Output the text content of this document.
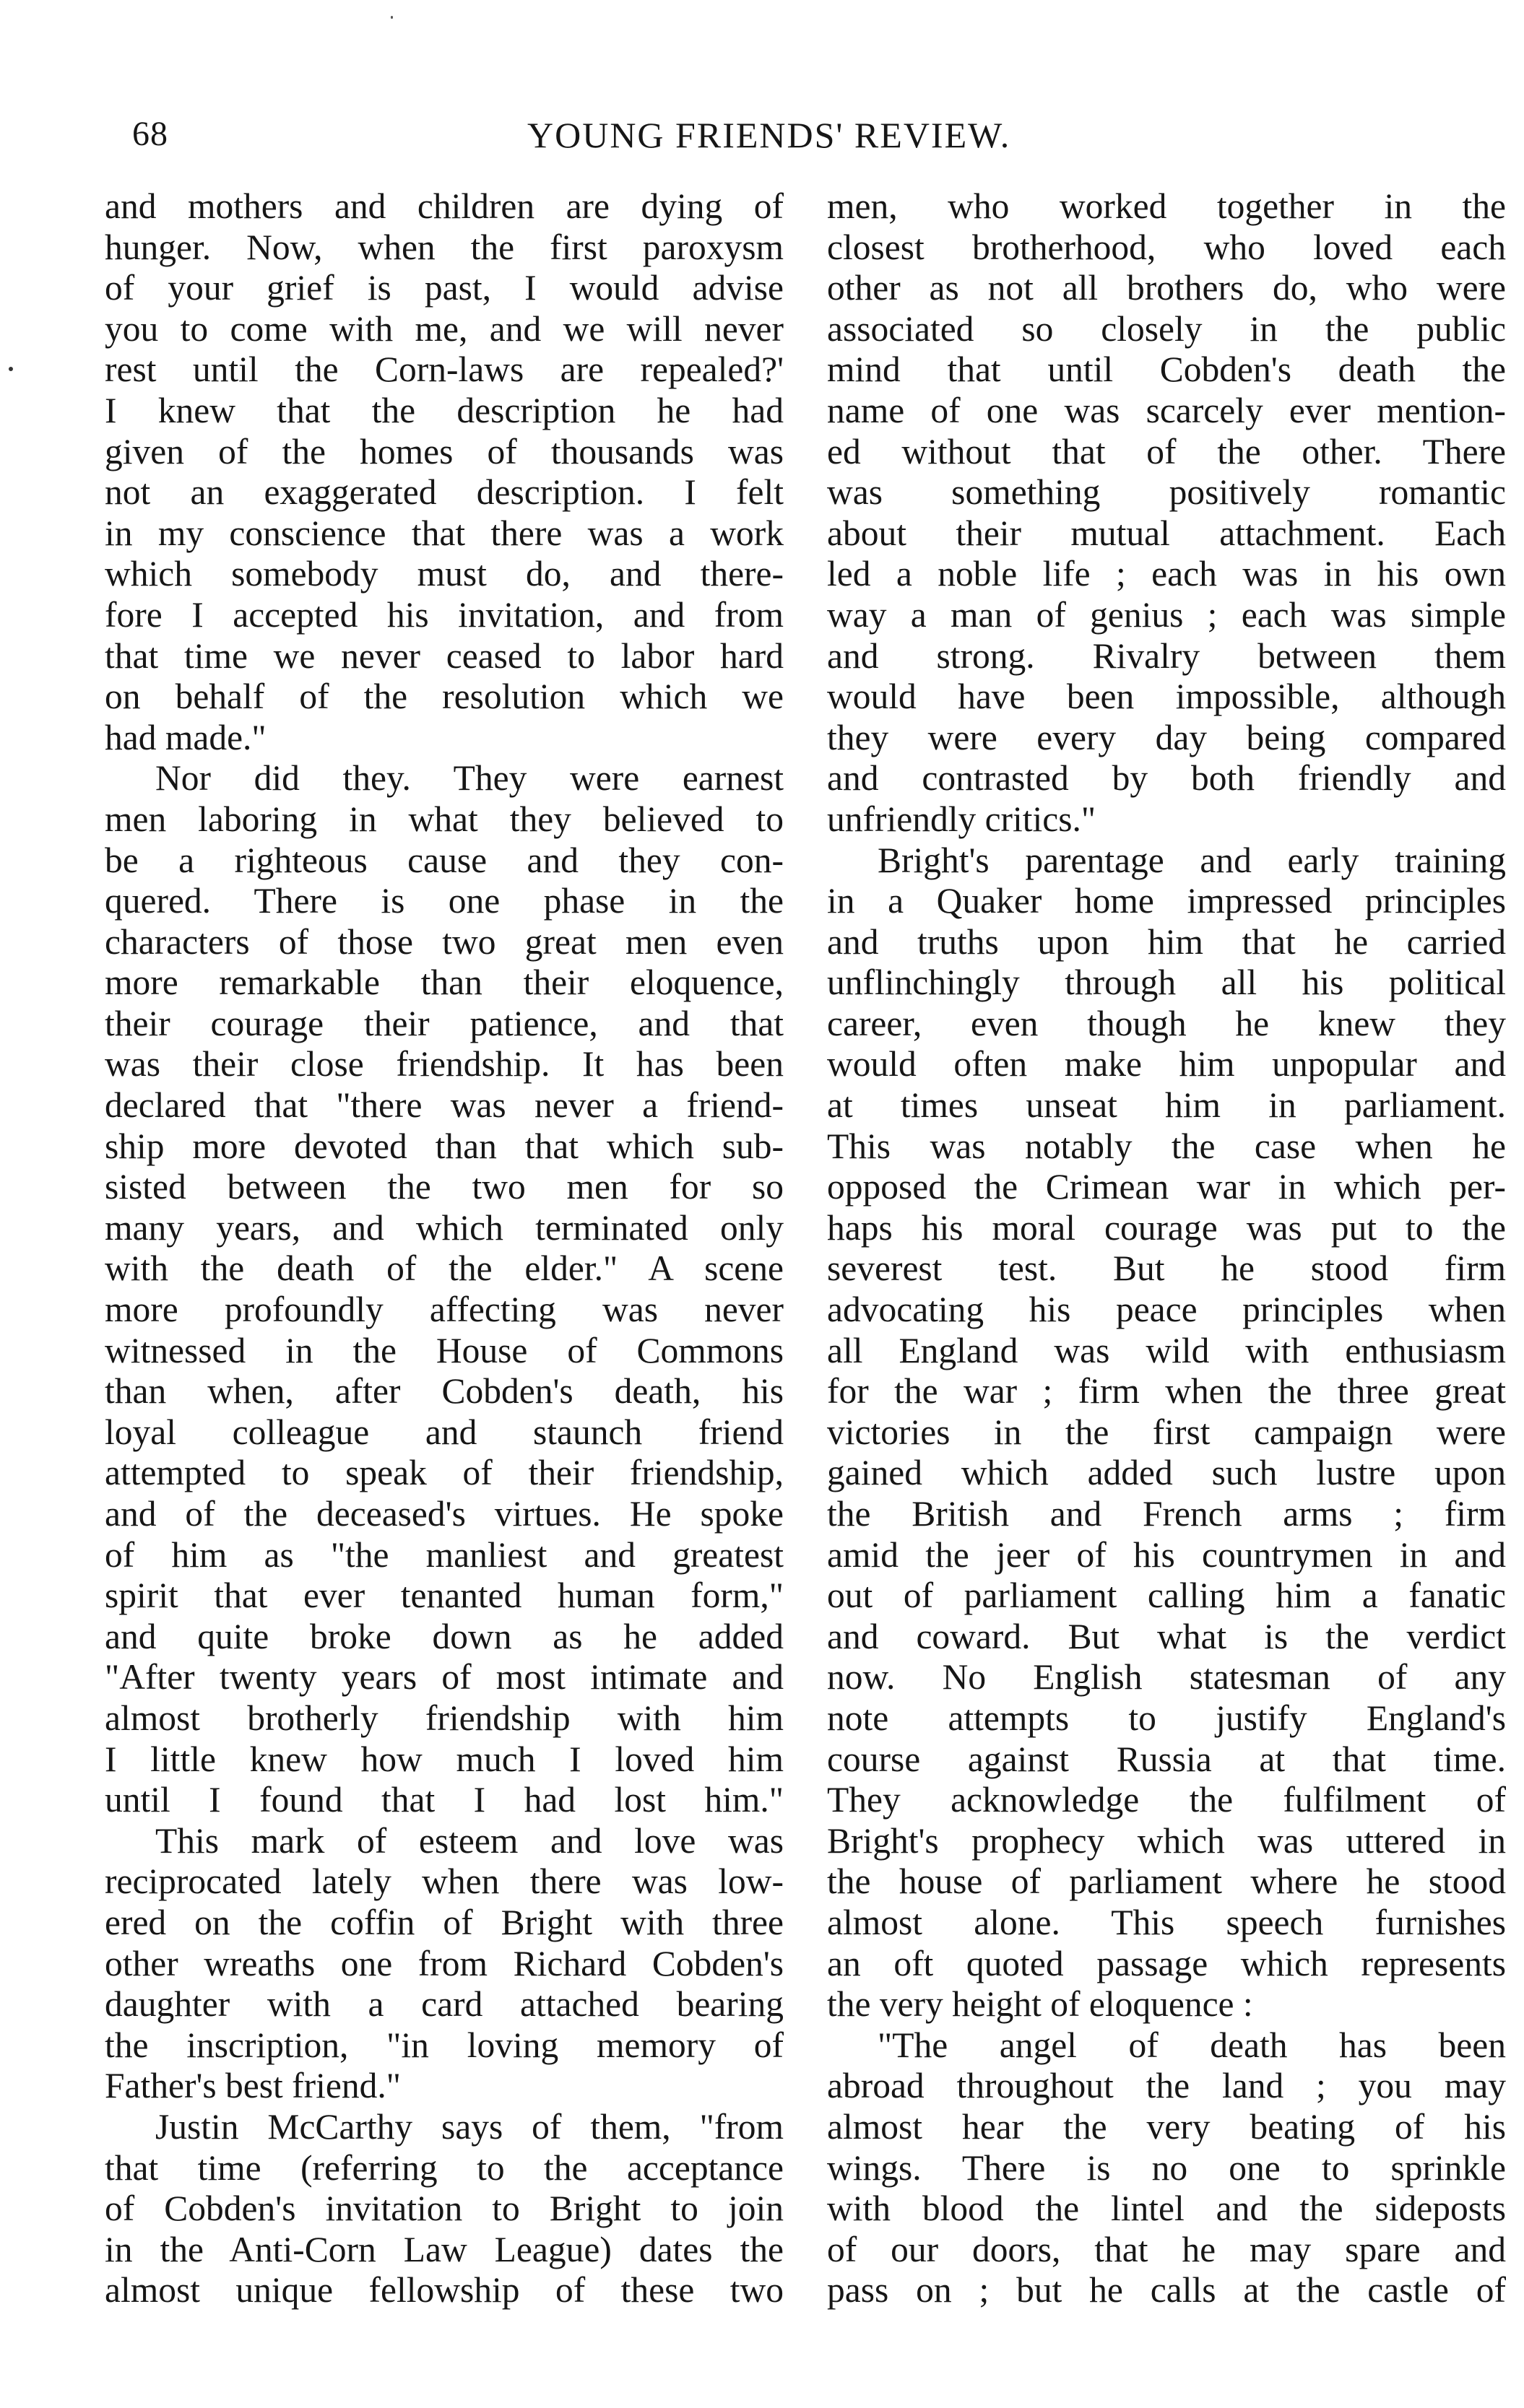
68	YOUNG FRIENDS' REVIEW.
and mothers and children are dying of
hunger. Now, when the first paroxysm
of your grief is past, I would advise
you to come with me, and we will never
rest until the Corn-laws are repealed?'
I knew that the description he had
given of the homes of thousands was
not an exaggerated description. I felt
in my conscience that there was a work
which somebody must do, and there-
fore I accepted his invitation, and from
that time we never ceased to labor hard
on behalf of the resolution which we
had made."
Nor did they. They were earnest
men laboring in what they believed to
be a righteous cause and they con-
quered. There is one phase in the
characters of those two great men even
more remarkable than their eloquence,
their courage their patience, and that
was their close friendship. It has been
declared that "there was never a friend-
ship more devoted than that which sub-
sisted between the two men for so
many years, and which terminated only
with the death of the elder." A scene
more profoundly affecting was never
witnessed in the House of Commons
than when, after Cobden's death, his
loyal colleague and staunch friend
attempted to speak of their friendship,
and of the deceased's virtues. He spoke
of him as "the manliest and greatest
spirit that ever tenanted human form,"
and quite broke down as he added
"After twenty years of most intimate and
almost brotherly friendship with him
I little knew how much I loved him
until I found that I had lost him."
This mark of esteem and love was
reciprocated lately when there was low-
ered on the coffin of Bright with three
other wreaths one from Richard Cobden's
daughter with a card attached bearing
the inscription, "in loving memory of
Father's best friend."
Justin McCarthy says of them, "from
that time (referring to the acceptance
of Cobden's invitation to Bright to join
in the Anti-Corn Law League) dates the
almost unique fellowship of these two
men, who worked together in the
closest brotherhood, who loved each
other as not all brothers do, who were
associated so closely in the public
mind that until Cobden's death the
name of one was scarcely ever mention-
ed without that of the other. There
was something positively romantic
about their mutual attachment. Each
led a noble life ; each was in his own
way a man of genius ; each was simple
and strong. Rivalry between them
would have been impossible, although
they were every day being compared
and contrasted by both friendly and
unfriendly critics."
Bright's parentage and early training
in a Quaker home impressed principles
and truths upon him that he carried
unflinchingly through all his political
career, even though he knew they
would often make him unpopular and
at times unseat him in parliament.
This was notably the case when he
opposed the Crimean war in which per-
haps his moral courage was put to the
severest test. But he stood firm
advocating his peace principles when
all England was wild with enthusiasm
for the war ; firm when the three great
victories in the first campaign were
gained which added such lustre upon
the British and French arms ; firm
amid the jeer of his countrymen in and
out of parliament calling him a fanatic
and coward. But what is the verdict
now. No English statesman of any
note attempts to justify England's
course against Russia at that time.
They acknowledge the fulfilment of
Bright's prophecy which was uttered in
the house of parliament where he stood
almost alone. This speech furnishes
an oft quoted passage which represents
the very height of eloquence :
"The angel of death has been
abroad throughout the land ; you may
almost hear the very beating of his
wings. There is no one to sprinkle
with blood the lintel and the sideposts
of our doors, that he may spare and
pass on ; but he calls at the castle of
